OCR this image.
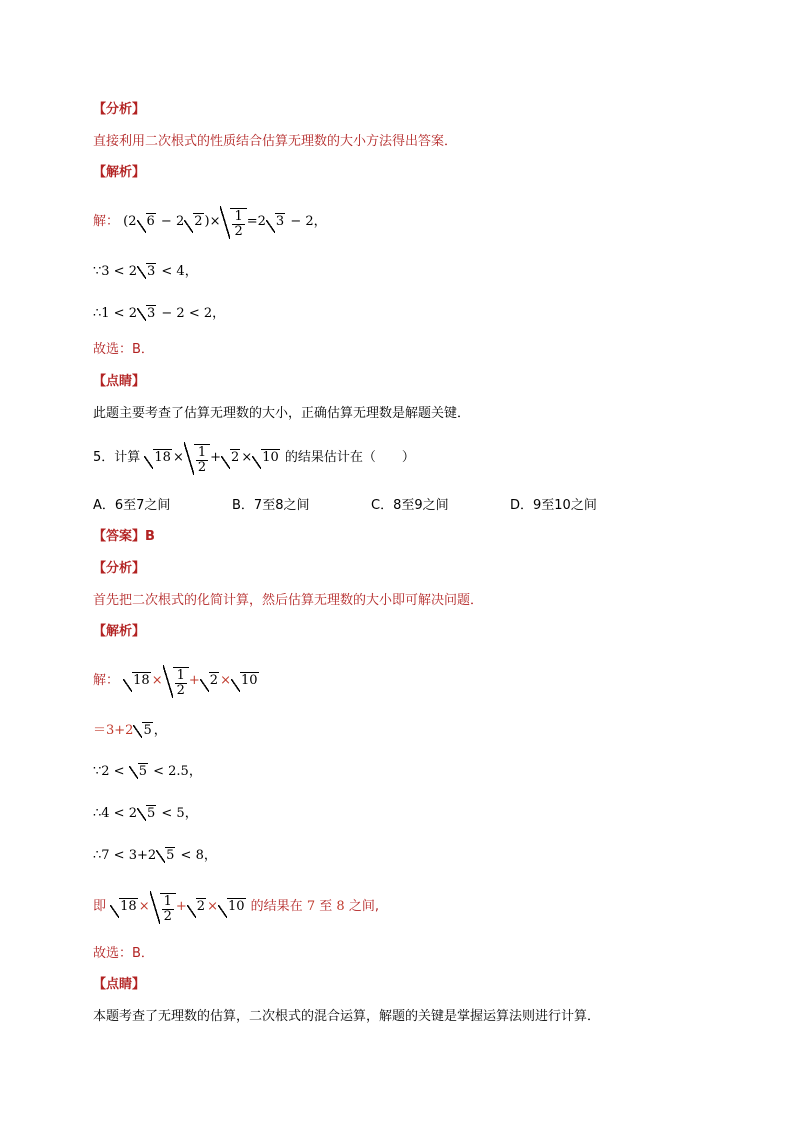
【分析】
直接利用二次根式的性质结合估算无理数的大小方法得出答案．
【解析】
解： (2 6 − 2 2 )× $\frac{1}{2} =2$ 3 − 2，
∵3 < 2 3 < 4，
∴1 < 2 3 − 2 < 2，
故选：B．
【点睛】
此题主要考查了估算无理数的大小，正确估算无理数是解题关键．
5．计算 $18 \times \frac{1}{2} + 2 \times 10$ 的结果估计在（　　）
A．6至7之间	B．7至8之间	C．8至9之间	D．9至10之间
【答案】B
【分析】
首先把二次根式的化简计算，然后估算无理数的大小即可解决问题．
【解析】
解： $18 \times \frac{1}{2} + 2 \times 10$
＝3+2 5 ，
∵2 < 5 < 2.5，
∴4 < 2 5 < 5，
∴7 < 3+2 5 < 8，
即 $18 \times \frac{1}{2} + 2 \times 10$ 的结果在 7 至 8 之间,
故选：B．
【点睛】
本题考查了无理数的估算，二次根式的混合运算，解题的关键是掌握运算法则进行计算．
